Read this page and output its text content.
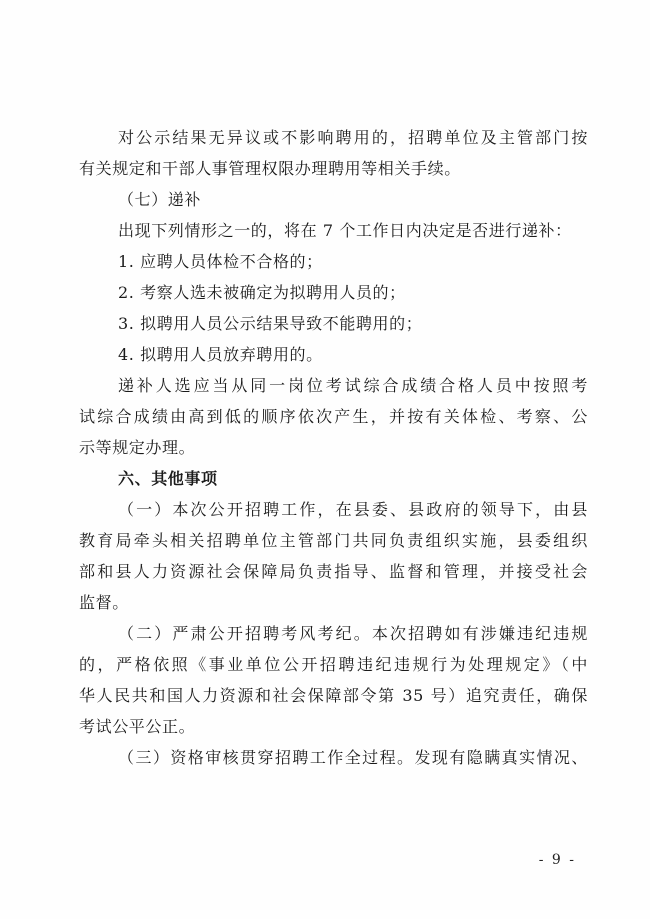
对公示结果无异议或不影响聘用的，招聘单位及主管部门按
有关规定和干部人事管理权限办理聘用等相关手续。
（七）递补
出现下列情形之一的，将在 7 个工作日内决定是否进行递补：
1. 应聘人员体检不合格的；
2. 考察人选未被确定为拟聘用人员的；
3. 拟聘用人员公示结果导致不能聘用的；
4. 拟聘用人员放弃聘用的。
递补人选应当从同一岗位考试综合成绩合格人员中按照考
试综合成绩由高到低的顺序依次产生，并按有关体检、考察、公
示等规定办理。
六、其他事项
（一）本次公开招聘工作，在县委、县政府的领导下，由县
教育局牵头相关招聘单位主管部门共同负责组织实施，县委组织
部和县人力资源社会保障局负责指导、监督和管理，并接受社会
监督。
（二）严肃公开招聘考风考纪。本次招聘如有涉嫌违纪违规
的，严格依照《事业单位公开招聘违纪违规行为处理规定》（中
华人民共和国人力资源和社会保障部令第 35 号）追究责任，确保
考试公平公正。
（三）资格审核贯穿招聘工作全过程。发现有隐瞒真实情况、
- 9 -
